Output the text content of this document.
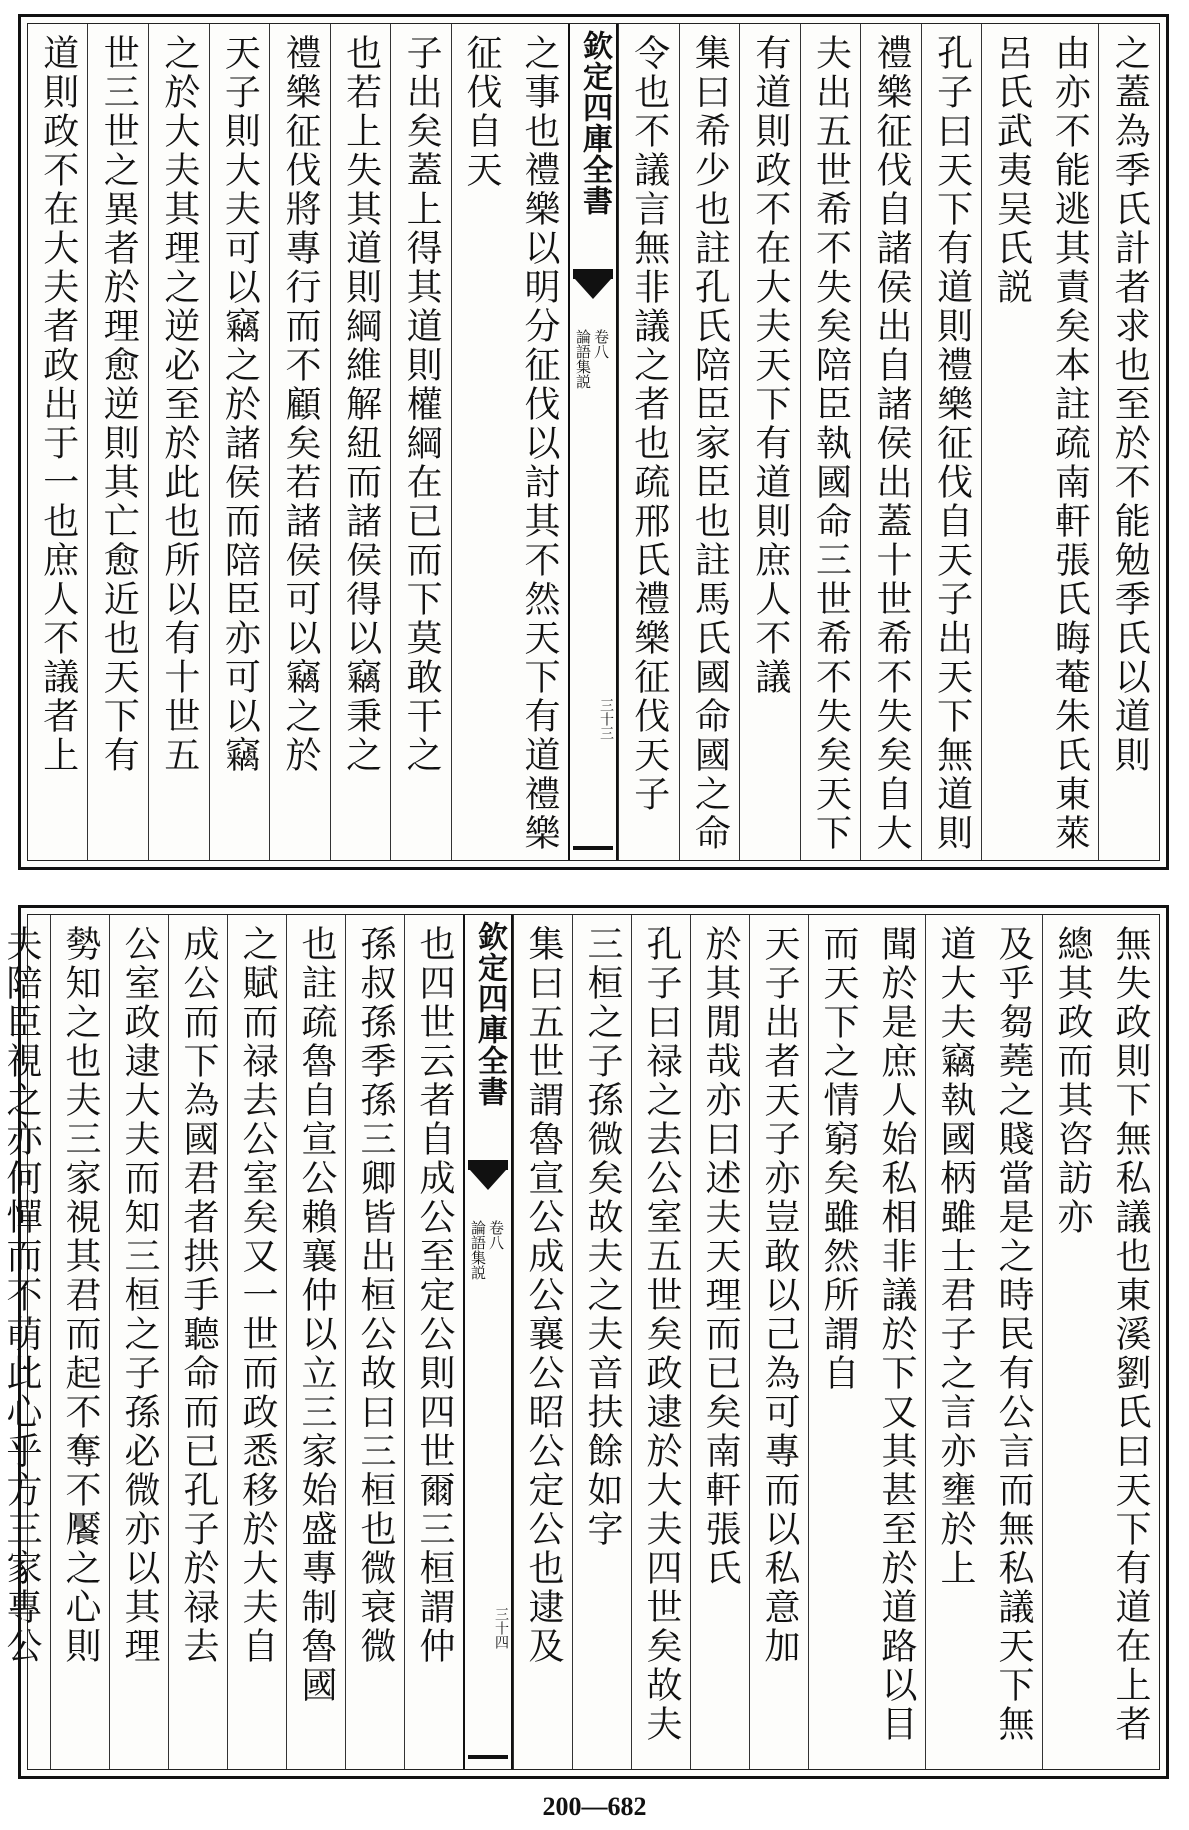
之蓋為季氏計者求也至於不能勉季氏以道則
由亦不能逃其責矣本註疏南軒張氏晦菴朱氏東萊呂氏武夷吴氏説
孔子曰天下有道則禮樂征伐自天子出天下無道則
禮樂征伐自諸侯出自諸侯出蓋十世希不失矣自大
夫出五世希不失矣陪臣執國命三世希不失矣天下
有道則政不在大夫天下有道則庶人不議
集曰希少也註孔氏陪臣家臣也註馬氏國命國之命
令也不議言無非議之者也疏邢氏禮樂征伐天子
欽定四庫全書
論語集説 卷八
三十三
之事也禮樂以明分征伐以討其不然天下有道禮樂征伐自天
子出矣蓋上得其道則權綱在已而下莫敢干之
也若上失其道則綱維解紐而諸侯得以竊秉之
禮樂征伐將專行而不顧矣若諸侯可以竊之於
天子則大夫可以竊之於諸侯而陪臣亦可以竊
之於大夫其理之逆必至於此也所以有十世五
世三世之異者於理愈逆則其亡愈近也天下有
道則政不在大夫者政出于一也庶人不議者上
無失政則下無私議也東溪劉氏曰天下有道在上者總其政而其咨訪亦
及乎芻蕘之賤當是之時民有公言而無私議天下無道大夫竊執國柄雖士君子之言亦壅於上
聞於是庶人始私相非議於下又其甚至於道路以目而天下之情窮矣雖然所謂自
天子出者天子亦豈敢以己為可專而以私意加
於其閒哉亦曰述夫天理而已矣南軒張氏
孔子曰禄之去公室五世矣政逮於大夫四世矣故夫
三桓之子孫微矣故夫之夫音扶餘如字
集曰五世謂魯宣公成公襄公昭公定公也逮及
欽定四庫全書
論語集説 卷八
三十四
也四世云者自成公至定公則四世爾三桓謂仲
孫叔孫季孫三卿皆出桓公故曰三桓也微衰微
也註疏魯自宣公賴襄仲以立三家始盛專制魯國
之賦而禄去公室矣又一世而政悉移於大夫自
成公而下為國君者拱手聽命而已孔子於禄去
公室政逮大夫而知三桓之子孫必微亦以其理
勢知之也夫三家視其君而起不奪不饜之心則
夫陪臣視之亦何憚而不萌此心乎方三家專公
200—682
